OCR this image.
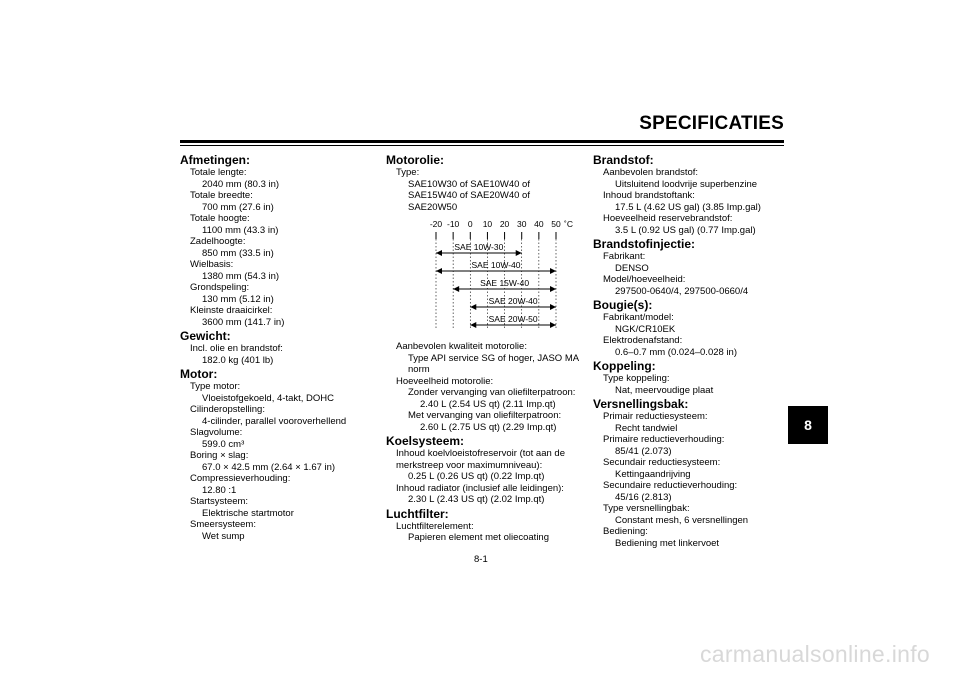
SPECIFICATIES
8
Afmetingen:
Totale lengte:
2040 mm (80.3 in)
Totale breedte:
700 mm (27.6 in)
Totale hoogte:
1100 mm (43.3 in)
Zadelhoogte:
850 mm (33.5 in)
Wielbasis:
1380 mm (54.3 in)
Grondspeling:
130 mm (5.12 in)
Kleinste draaicirkel:
3600 mm (141.7 in)
Gewicht:
Incl. olie en brandstof:
182.0 kg (401 lb)
Motor:
Type motor:
Vloeistofgekoeld, 4-takt, DOHC
Cilinderopstelling:
4-cilinder, parallel vooroverhellend
Slagvolume:
599.0 cm³
Boring × slag:
67.0 × 42.5 mm (2.64 × 1.67 in)
Compressieverhouding:
12.80 :1
Startsysteem:
Elektrische startmotor
Smeersysteem:
Wet sump
Motorolie:
Type:
SAE10W30 of SAE10W40 of SAE15W40 of SAE20W40 of SAE20W50
-20 -10 0 10 20 30 40 50 ˚C
SAE 10W-30
SAE 10W-40
SAE 15W-40
SAE 20W-40
SAE 20W-50
Aanbevolen kwaliteit motorolie:
Type API service SG of hoger, JASO MA norm
Hoeveelheid motorolie:
Zonder vervanging van oliefilterpatroon:
2.40 L (2.54 US qt) (2.11 Imp.qt)
Met vervanging van oliefilterpatroon:
2.60 L (2.75 US qt) (2.29 Imp.qt)
Koelsysteem:
Inhoud koelvloeistofreservoir (tot aan de merkstreep voor maximumniveau):
0.25 L (0.26 US qt) (0.22 Imp.qt)
Inhoud radiator (inclusief alle leidingen):
2.30 L (2.43 US qt) (2.02 Imp.qt)
Luchtfilter:
Luchtfilterelement:
Papieren element met oliecoating
Brandstof:
Aanbevolen brandstof:
Uitsluitend loodvrije superbenzine
Inhoud brandstoftank:
17.5 L (4.62 US gal) (3.85 Imp.gal)
Hoeveelheid reservebrandstof:
3.5 L (0.92 US gal) (0.77 Imp.gal)
Brandstofinjectie:
Fabrikant:
DENSO
Model/hoeveelheid:
297500-0640/4, 297500-0660/4
Bougie(s):
Fabrikant/model:
NGK/CR10EK
Elektrodenafstand:
0.6–0.7 mm (0.024–0.028 in)
Koppeling:
Type koppeling:
Nat, meervoudige plaat
Versnellingsbak:
Primair reductiesysteem:
Recht tandwiel
Primaire reductieverhouding:
85/41 (2.073)
Secundair reductiesysteem:
Kettingaandrijving
Secundaire reductieverhouding:
45/16 (2.813)
Type versnellingbak:
Constant mesh, 6 versnellingen
Bediening:
Bediening met linkervoet
8-1
carmanualsonline.info
